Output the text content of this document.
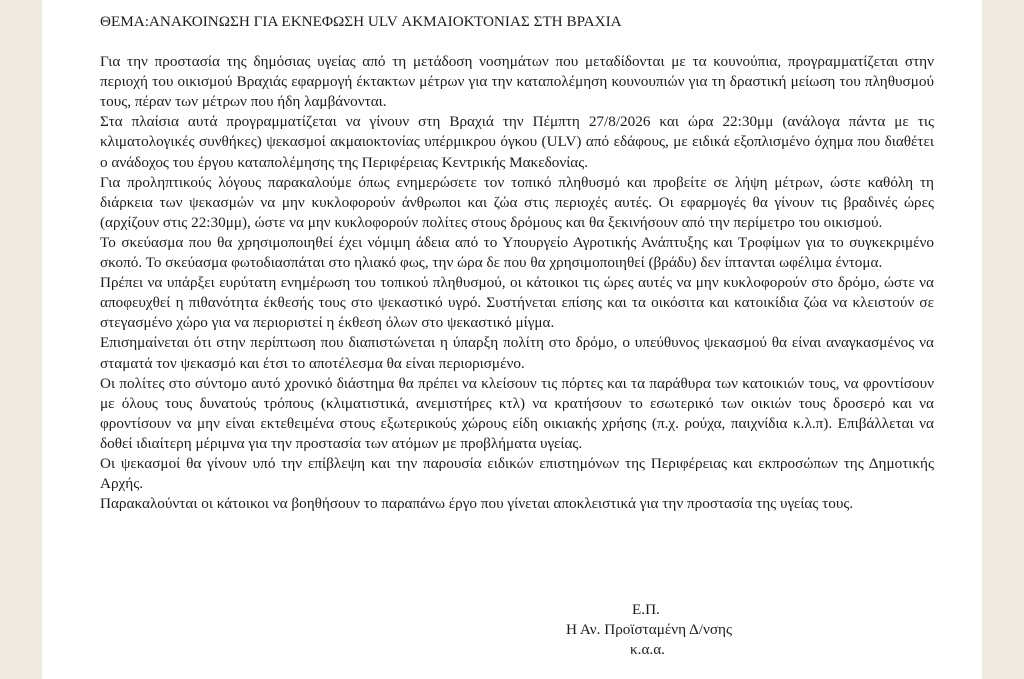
ΘΕΜΑ:ΑΝΑΚΟΙΝΩΣΗ ΓΙΑ ΕΚΝΕΦΩΣΗ ULV ΑΚΜΑΙΟΚΤΟΝΙΑΣ ΣΤΗ ΒΡΑΧΙΑ

Για την προστασία της δημόσιας υγείας από τη μετάδοση νοσημάτων που μεταδίδονται με τα κουνούπια, προγραμματίζεται στην περιοχή του οικισμού Βραχιάς εφαρμογή έκτακτων μέτρων για την καταπολέμηση κουνουπιών για τη δραστική μείωση του πληθυσμού τους, πέραν των μέτρων που ήδη λαμβάνονται.

Στα πλαίσια αυτά προγραμματίζεται να γίνουν στη Βραχιά την Πέμπτη 27/8/2026 και ώρα 22:30μμ (ανάλογα πάντα με τις κλιματολογικές συνθήκες) ψεκασμοί ακμαιοκτονίας υπέρμικρου όγκου (ULV) από εδάφους, με ειδικά εξοπλισμένο όχημα που διαθέτει ο ανάδοχος του έργου καταπολέμησης της Περιφέρειας Κεντρικής Μακεδονίας.

Για προληπτικούς λόγους παρακαλούμε όπως ενημερώσετε τον τοπικό πληθυσμό και προβείτε σε λήψη μέτρων, ώστε καθόλη τη διάρκεια των ψεκασμών να μην κυκλοφορούν άνθρωποι και ζώα στις περιοχές αυτές. Οι εφαρμογές θα γίνουν τις βραδινές ώρες (αρχίζουν στις 22:30μμ), ώστε να μην κυκλοφορούν πολίτες στους δρόμους και θα ξεκινήσουν από την περίμετρο του οικισμού.

Το σκεύασμα που θα χρησιμοποιηθεί έχει νόμιμη άδεια από το Υπουργείο Αγροτικής Ανάπτυξης και Τροφίμων για το συγκεκριμένο σκοπό. Το σκεύασμα φωτοδιασπάται στο ηλιακό φως, την ώρα δε που θα χρησιμοποιηθεί (βράδυ) δεν ίπτανται ωφέλιμα έντομα.

Πρέπει να υπάρξει ευρύτατη ενημέρωση του τοπικού πληθυσμού, οι κάτοικοι τις ώρες αυτές να μην κυκλοφορούν στο δρόμο, ώστε να αποφευχθεί η πιθανότητα έκθεσής τους στο ψεκαστικό υγρό. Συστήνεται επίσης και τα οικόσιτα και κατοικίδια ζώα να κλειστούν σε στεγασμένο χώρο για να περιοριστεί η έκθεση όλων στο ψεκαστικό μίγμα.

Επισημαίνεται ότι στην περίπτωση που διαπιστώνεται η ύπαρξη πολίτη στο δρόμο, ο υπεύθυνος ψεκασμού θα είναι αναγκασμένος να σταματά τον ψεκασμό και έτσι το αποτέλεσμα θα είναι περιορισμένο.

Οι πολίτες στο σύντομο αυτό χρονικό διάστημα θα πρέπει να κλείσουν τις πόρτες και τα παράθυρα των κατοικιών τους, να φροντίσουν με όλους τους δυνατούς τρόπους (κλιματιστικά, ανεμιστήρες κτλ) να κρατήσουν το εσωτερικό των οικιών τους δροσερό και να φροντίσουν να μην είναι εκτεθειμένα στους εξωτερικούς χώρους είδη οικιακής χρήσης (π.χ. ρούχα, παιχνίδια κ.λ.π). Επιβάλλεται να δοθεί ιδιαίτερη μέριμνα για την προστασία των ατόμων με προβλήματα υγείας.

Οι ψεκασμοί θα γίνουν υπό την επίβλεψη και την παρουσία ειδικών επιστημόνων της Περιφέρειας και εκπροσώπων της Δημοτικής Αρχής.

Παρακαλούνται οι κάτοικοι να βοηθήσουν το παραπάνω έργο που γίνεται αποκλειστικά για την προστασία της υγείας τους.

Ε.Π.
Η Αν. Προϊσταμένη Δ/νσης
κ.α.α.
